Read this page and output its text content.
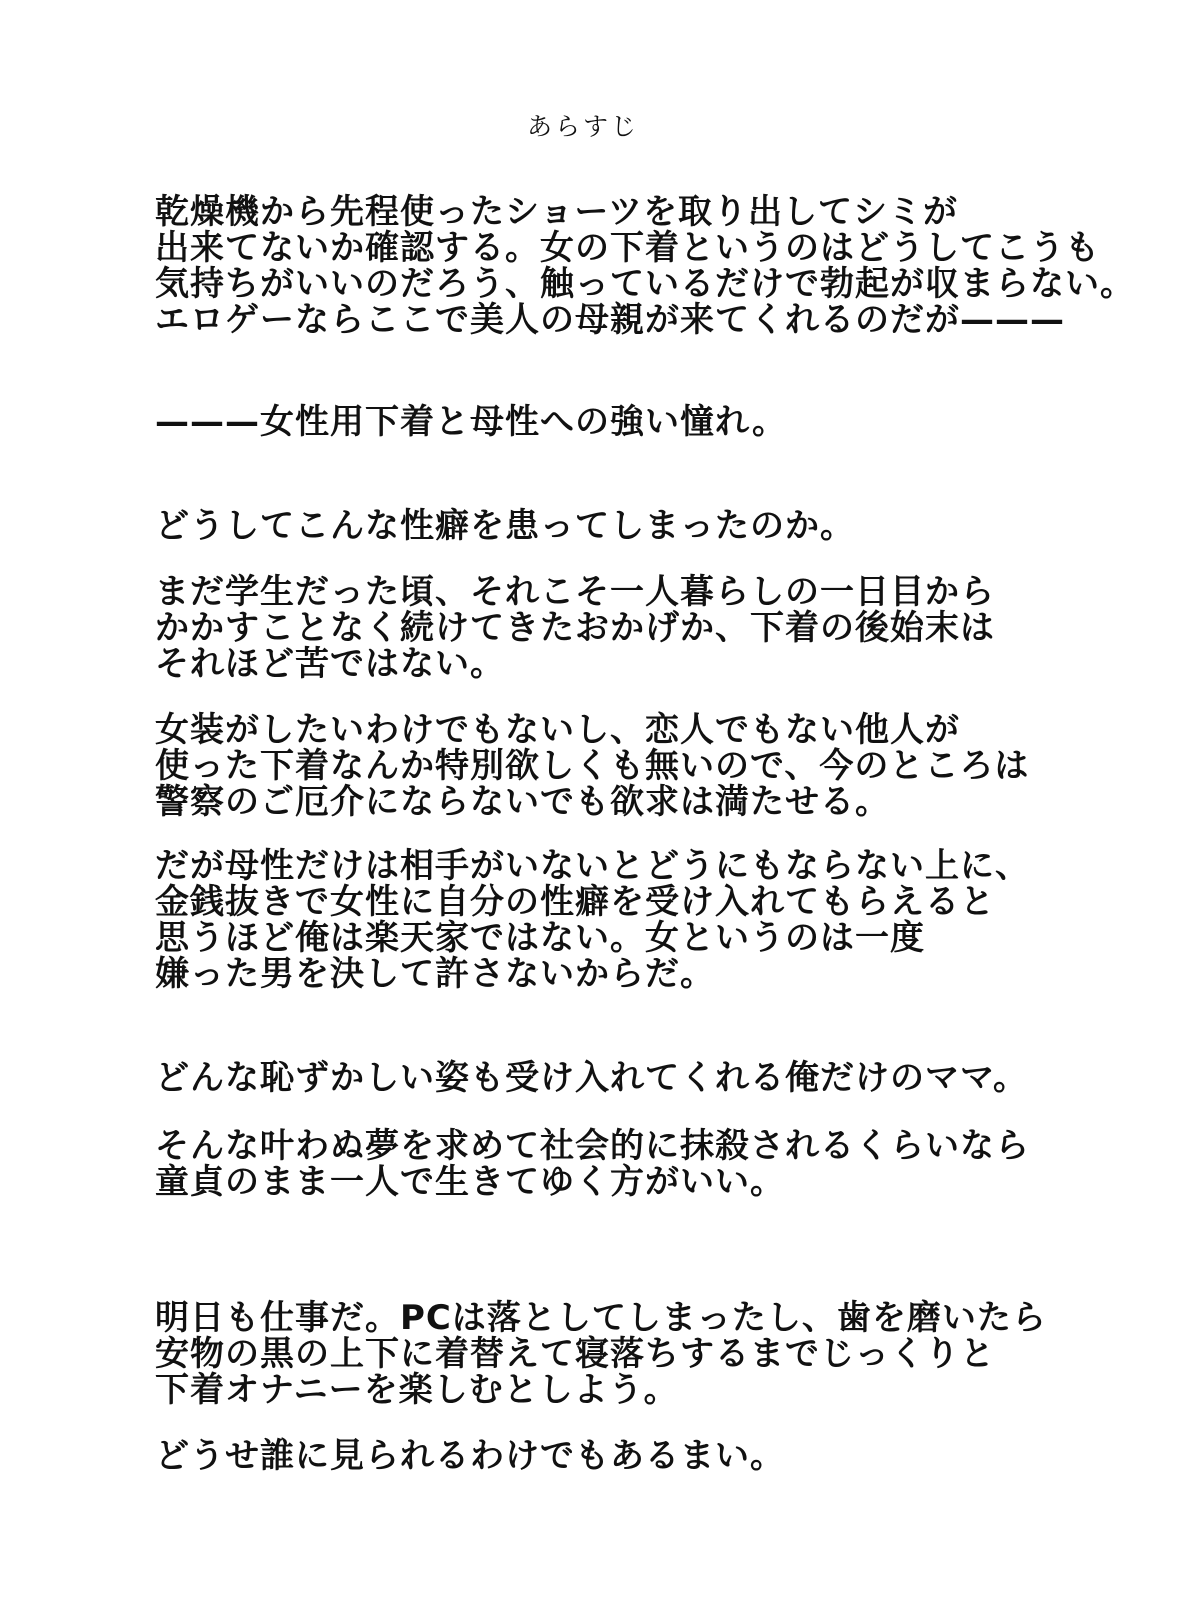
あらすじ
乾燥機から先程使ったショーツを取り出してシミが
出来てないか確認する。女の下着というのはどうしてこうも
気持ちがいいのだろう、触っているだけで勃起が収まらない。
エロゲーならここで美人の母親が来てくれるのだが———
———女性用下着と母性への強い憧れ。
どうしてこんな性癖を患ってしまったのか。
まだ学生だった頃、それこそ一人暮らしの一日目から
かかすことなく続けてきたおかげか、下着の後始末は
それほど苦ではない。
女装がしたいわけでもないし、恋人でもない他人が
使った下着なんか特別欲しくも無いので、今のところは
警察のご厄介にならないでも欲求は満たせる。
だが母性だけは相手がいないとどうにもならない上に、
金銭抜きで女性に自分の性癖を受け入れてもらえると
思うほど俺は楽天家ではない。女というのは一度
嫌った男を決して許さないからだ。
どんな恥ずかしい姿も受け入れてくれる俺だけのママ。
そんな叶わぬ夢を求めて社会的に抹殺されるくらいなら
童貞のまま一人で生きてゆく方がいい。
明日も仕事だ。PCは落としてしまったし、歯を磨いたら
安物の黒の上下に着替えて寝落ちするまでじっくりと
下着オナニーを楽しむとしよう。
どうせ誰に見られるわけでもあるまい。
